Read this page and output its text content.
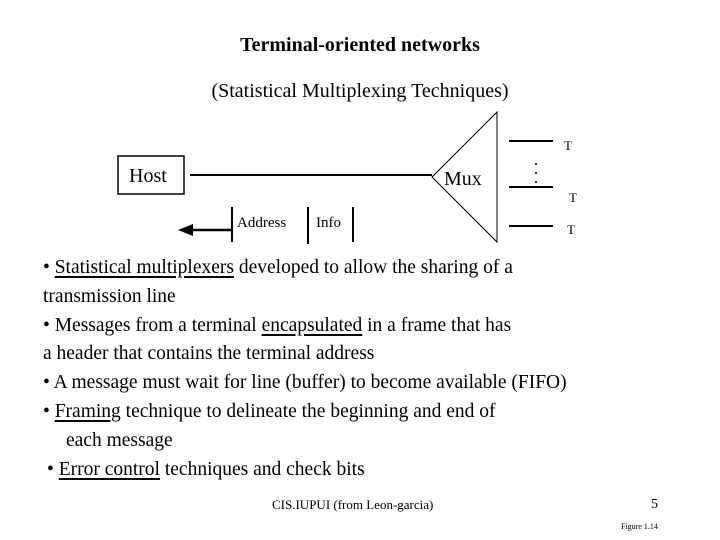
Terminal-oriented networks
(Statistical Multiplexing Techniques)
Host	Mux
T
T
T
Address Info
• Statistical multiplexers developed to allow the sharing of a
transmission line
• Messages from a terminal encapsulated in a frame that has
a header that contains the terminal address
• A message must wait for line (buffer) to become available (FIFO)
• Framing technique to delineate the beginning and end of
each message
• Error control techniques and check bits
CIS.IUPUI (from Leon-garcia)	5
Figure 1.14
